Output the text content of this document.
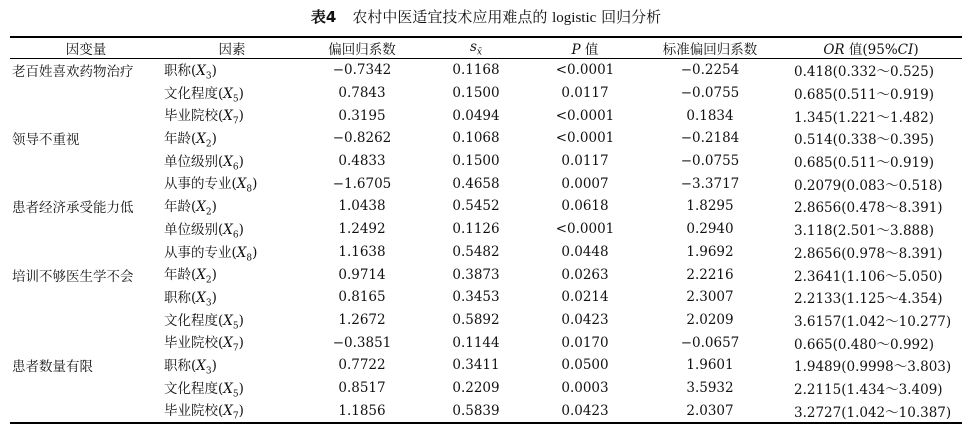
表4 农村中医适宜技术应用难点的 logistic 回归分析
因变量	因素	偏回归系数	$s_{x̄}$	P 值	标准偏回归系数	OR 值(95%CI)
老百姓喜欢药物治疗	职称$(X_3)$	−0.7342	0.1168	<0.0001	−0.2254	0.418(0.332～0.525)
	文化程度$(X_5)$	0.7843	0.1500	0.0117	−0.0755	0.685(0.511～0.919)
	毕业院校$(X_7)$	0.3195	0.0494	<0.0001	0.1834	1.345(1.221～1.482)
领导不重视	年龄$(X_2)$	−0.8262	0.1068	<0.0001	−0.2184	0.514(0.338～0.395)
	单位级别$(X_6)$	0.4833	0.1500	0.0117	−0.0755	0.685(0.511～0.919)
	从事的专业$(X_8)$	−1.6705	0.4658	0.0007	−3.3717	0.2079(0.083～0.518)
患者经济承受能力低	年龄$(X_2)$	1.0438	0.5452	0.0618	1.8295	2.8656(0.478～8.391)
	单位级别$(X_6)$	1.2492	0.1126	<0.0001	0.2940	3.118(2.501～3.888)
	从事的专业$(X_8)$	1.1638	0.5482	0.0448	1.9692	2.8656(0.978～8.391)
培训不够医生学不会	年龄$(X_2)$	0.9714	0.3873	0.0263	2.2216	2.3641(1.106～5.050)
	职称$(X_3)$	0.8165	0.3453	0.0214	2.3007	2.2133(1.125～4.354)
	文化程度$(X_5)$	1.2672	0.5892	0.0423	2.0209	3.6157(1.042～10.277)
	毕业院校$(X_7)$	−0.3851	0.1144	0.0170	−0.0657	0.665(0.480～0.992)
患者数量有限	职称$(X_3)$	0.7722	0.3411	0.0500	1.9601	1.9489(0.9998～3.803)
	文化程度$(X_5)$	0.8517	0.2209	0.0003	3.5932	2.2115(1.434～3.409)
	毕业院校$(X_7)$	1.1856	0.5839	0.0423	2.0307	3.2727(1.042～10.387)
